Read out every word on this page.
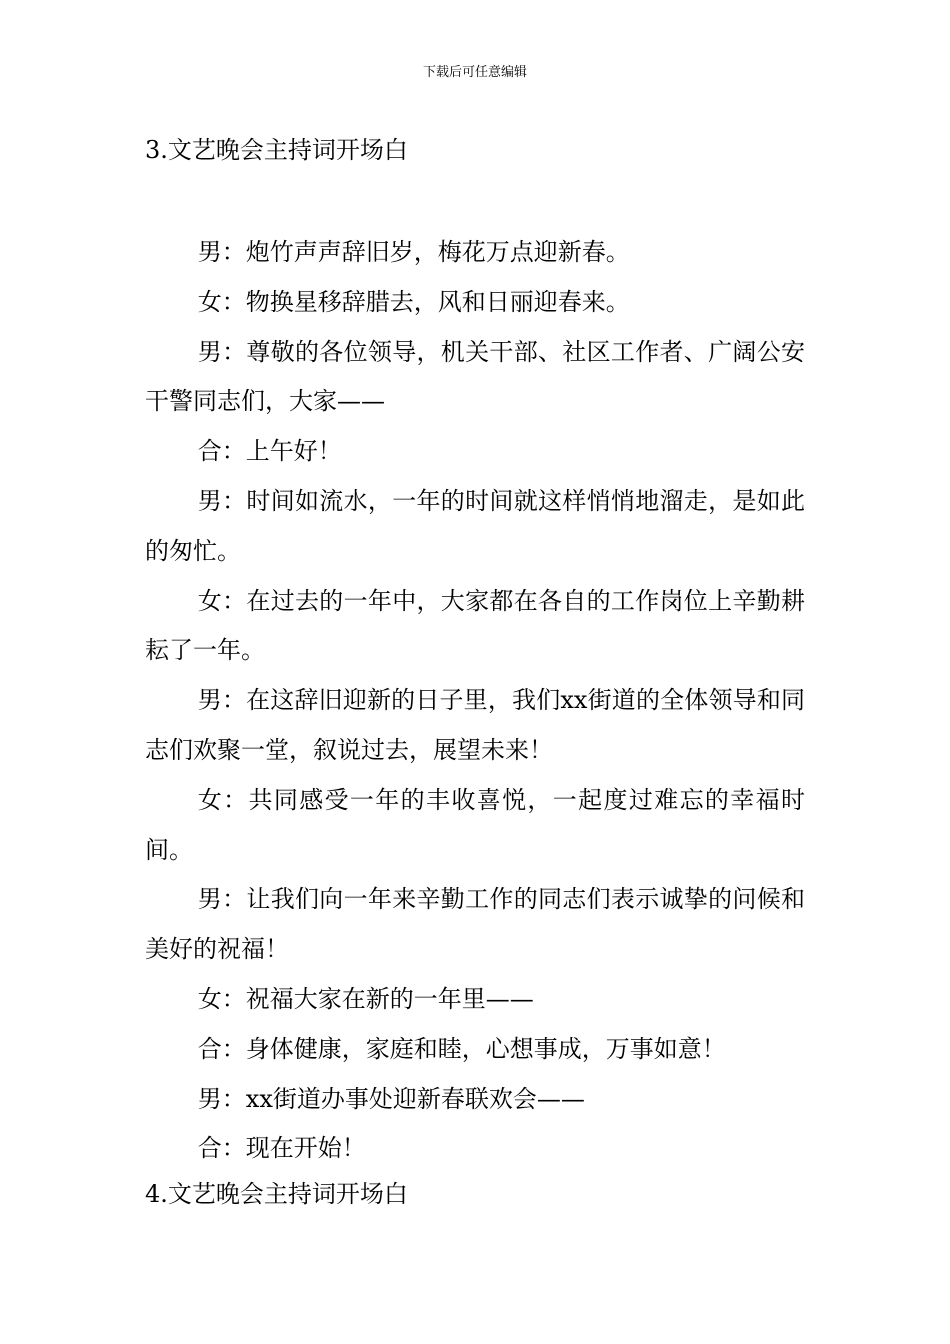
下载后可任意编辑
3.文艺晚会主持词开场白

男：炮竹声声辞旧岁，梅花万点迎新春。

女：物换星移辞腊去，风和日丽迎春来。

男：尊敬的各位领导，机关干部、社区工作者、广阔公安干警同志们，大家——

合：上午好！

男：时间如流水，一年的时间就这样悄悄地溜走，是如此的匆忙。

女：在过去的一年中，大家都在各自的工作岗位上辛勤耕耘了一年。

男：在这辞旧迎新的日子里，我们xx街道的全体领导和同志们欢聚一堂，叙说过去，展望未来！

女：共同感受一年的丰收喜悦，一起度过难忘的幸福时间。

男：让我们向一年来辛勤工作的同志们表示诚挚的问候和美好的祝福！

女：祝福大家在新的一年里——

合：身体健康，家庭和睦，心想事成，万事如意！

男：xx街道办事处迎新春联欢会——

合：现在开始！

4.文艺晚会主持词开场白
